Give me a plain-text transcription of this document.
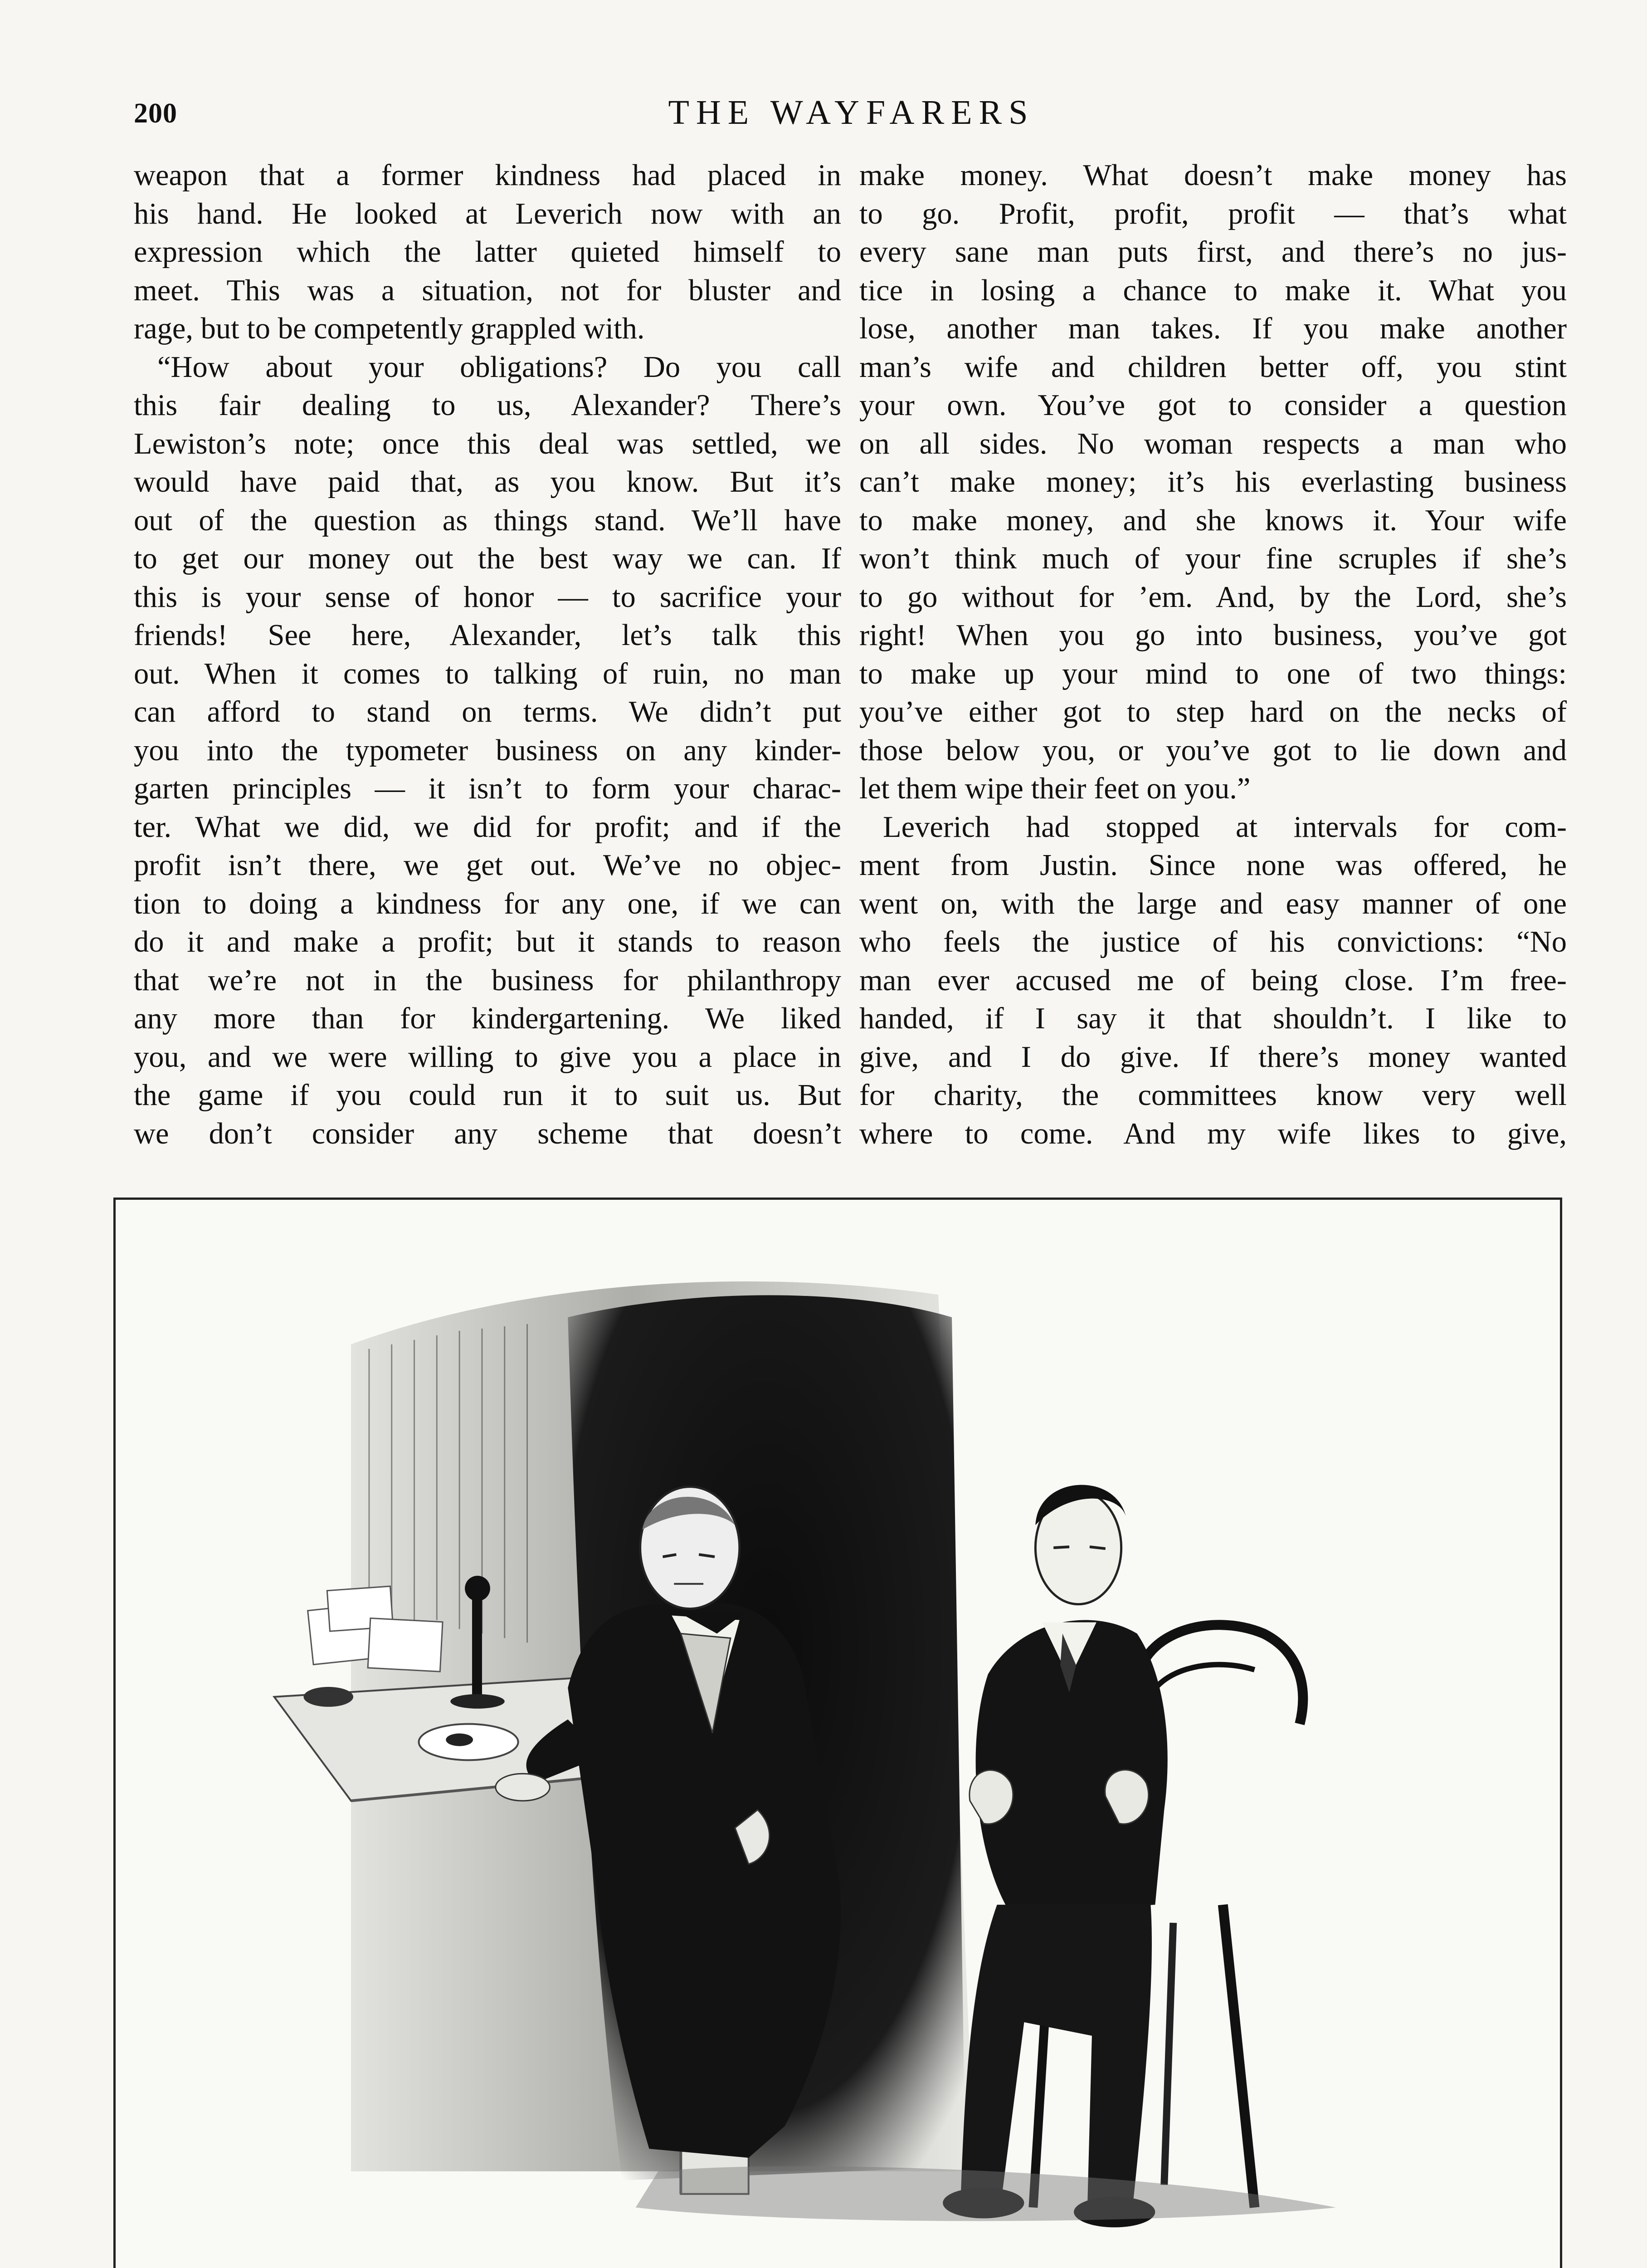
200	THE WAYFARERS
weapon that a former kindness had placed in
his hand. He looked at Leverich now with an
expression which the latter quieted himself to
meet. This was a situation, not for bluster and
rage, but to be competently grappled with.
“How about your obligations? Do you call
this fair dealing to us, Alexander? There’s
Lewiston’s note; once this deal was settled, we
would have paid that, as you know. But it’s
out of the question as things stand. We’ll have
to get our money out the best way we can. If
this is your sense of honor — to sacrifice your
friends! See here, Alexander, let’s talk this
out. When it comes to talking of ruin, no man
can afford to stand on terms. We didn’t put
you into the typometer business on any kinder-
garten principles — it isn’t to form your charac-
ter. What we did, we did for profit; and if the
profit isn’t there, we get out. We’ve no objec-
tion to doing a kindness for any one, if we can
do it and make a profit; but it stands to reason
that we’re not in the business for philanthropy
any more than for kindergartening. We liked
you, and we were willing to give you a place in
the game if you could run it to suit us. But
we don’t consider any scheme that doesn’t
make money. What doesn’t make money has
to go. Profit, profit, profit — that’s what
every sane man puts first, and there’s no jus-
tice in losing a chance to make it. What you
lose, another man takes. If you make another
man’s wife and children better off, you stint
your own. You’ve got to consider a question
on all sides. No woman respects a man who
can’t make money; it’s his everlasting business
to make money, and she knows it. Your wife
won’t think much of your fine scruples if she’s
to go without for ’em. And, by the Lord, she’s
right! When you go into business, you’ve got
to make up your mind to one of two things:
you’ve either got to step hard on the necks of
those below you, or you’ve got to lie down and
let them wipe their feet on you.”
Leverich had stopped at intervals for com-
ment from Justin. Since none was offered, he
went on, with the large and easy manner of one
who feels the justice of his convictions: “No
man ever accused me of being close. I’m free-
handed, if I say it that shouldn’t. I like to
give, and I do give. If there’s money wanted
for charity, the committees know very well
where to come. And my wife likes to give,
